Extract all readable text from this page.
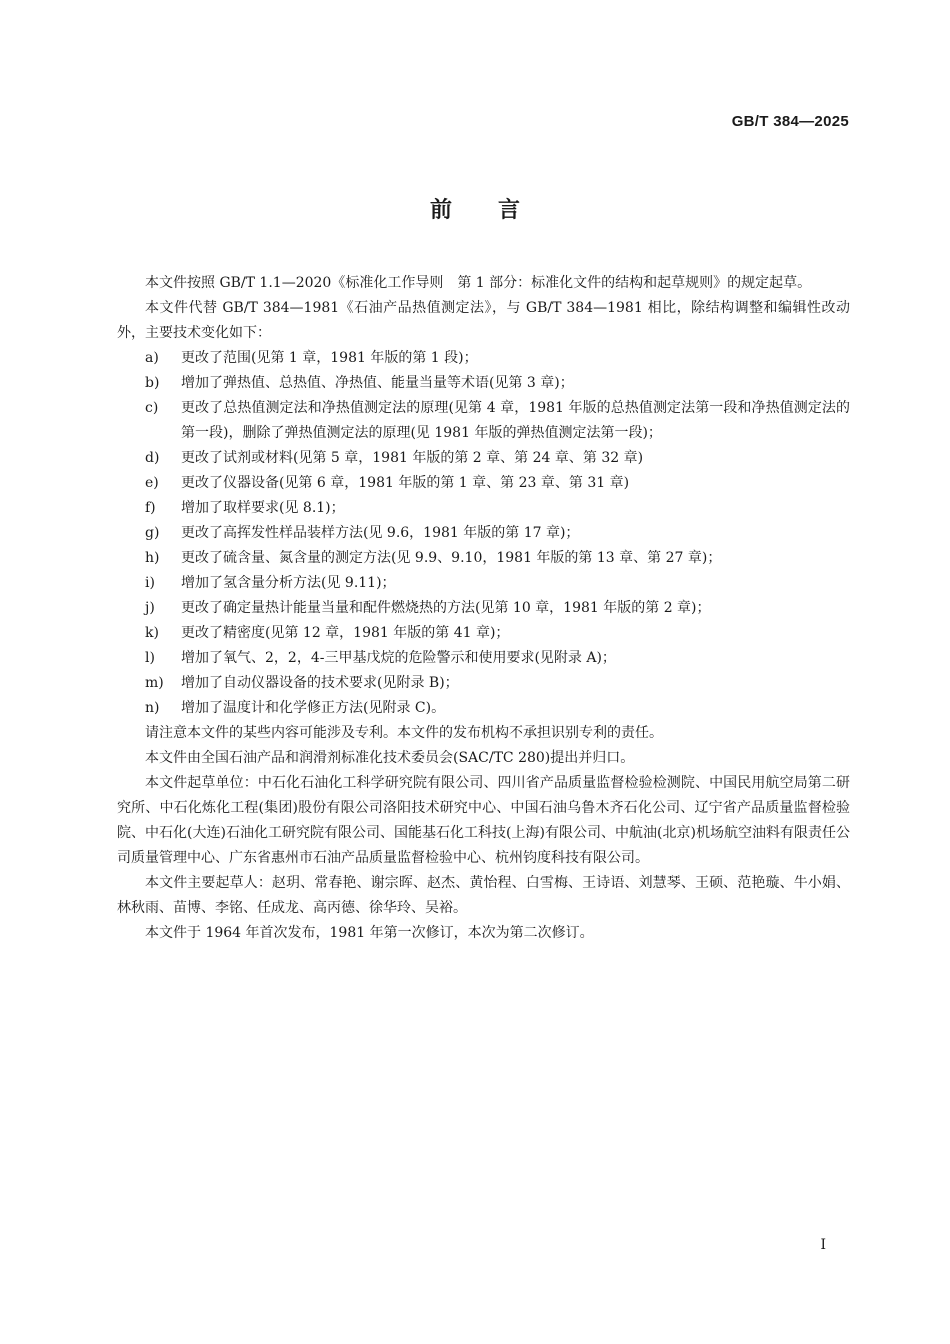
GB/T 384—2025
前言

本文件按照 GB/T 1.1—2020《标准化工作导则　第 1 部分：标准化文件的结构和起草规则》的规定起草。

本文件代替 GB/T 384—1981《石油产品热值测定法》，与 GB/T 384—1981 相比，除结构调整和编辑性改动外，主要技术变化如下：

a) 更改了范围(见第 1 章，1981 年版的第 1 段)；
b) 增加了弹热值、总热值、净热值、能量当量等术语(见第 3 章)；
c) 更改了总热值测定法和净热值测定法的原理(见第 4 章，1981 年版的总热值测定法第一段和净热值测定法的第一段)，删除了弹热值测定法的原理(见 1981 年版的弹热值测定法第一段)；
d) 更改了试剂或材料(见第 5 章，1981 年版的第 2 章、第 24 章、第 32 章)
e) 更改了仪器设备(见第 6 章，1981 年版的第 1 章、第 23 章、第 31 章)
f) 增加了取样要求(见 8.1)；
g) 更改了高挥发性样品装样方法(见 9.6，1981 年版的第 17 章)；
h) 更改了硫含量、氮含量的测定方法(见 9.9、9.10，1981 年版的第 13 章、第 27 章)；
i) 增加了氢含量分析方法(见 9.11)；
j) 更改了确定量热计能量当量和配件燃烧热的方法(见第 10 章，1981 年版的第 2 章)；
k) 更改了精密度(见第 12 章，1981 年版的第 41 章)；
l) 增加了氧气、2，2，4-三甲基戊烷的危险警示和使用要求(见附录 A)；
m) 增加了自动仪器设备的技术要求(见附录 B)；
n) 增加了温度计和化学修正方法(见附录 C)。

请注意本文件的某些内容可能涉及专利。本文件的发布机构不承担识别专利的责任。

本文件由全国石油产品和润滑剂标准化技术委员会(SAC/TC 280)提出并归口。

本文件起草单位：中石化石油化工科学研究院有限公司、四川省产品质量监督检验检测院、中国民用航空局第二研究所、中石化炼化工程(集团)股份有限公司洛阳技术研究中心、中国石油乌鲁木齐石化公司、辽宁省产品质量监督检验院、中石化(大连)石油化工研究院有限公司、国能基石化工科技(上海)有限公司、中航油(北京)机场航空油料有限责任公司质量管理中心、广东省惠州市石油产品质量监督检验中心、杭州钧度科技有限公司。

本文件主要起草人：赵玥、常春艳、谢宗晖、赵杰、黄怡程、白雪梅、王诗语、刘慧琴、王硕、范艳璇、牛小娟、林秋雨、苗博、李铭、任成龙、高丙德、徐华玲、吴裕。

本文件于 1964 年首次发布，1981 年第一次修订，本次为第二次修订。

I
